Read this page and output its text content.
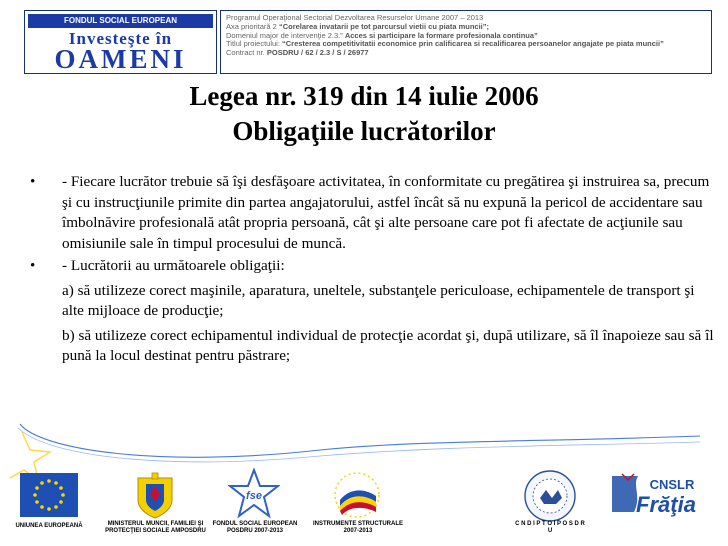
FONDUL SOCIAL EUROPEAN
Investeşte în
OAMENI
Programul Operaţional Sectorial Dezvoltarea Resurselor Umane 2007 – 2013
Axa prioritară 2 “Corelarea invatarii pe tot parcursul vietii cu piata muncii”;
Domeniul major de intervenţie 2.3.” Acces si participare la formare profesionala continua”
Titlul proiectului: “Cresterea competitivitatii economice prin calificarea si recalificarea persoanelor angajate pe piata muncii”
Contract nr. POSDRU / 62 / 2.3 / S / 26977
Legea nr. 319 din 14 iulie 2006
Obligaţiile lucrătorilor
• - Fiecare lucrător trebuie să îşi desfăşoare activitatea, în conformitate cu pregătirea şi instruirea sa, precum şi cu instrucţiunile primite din partea angajatorului, astfel încât să nu expună la pericol de accidentare sau îmbolnăvire profesională atât propria persoană, cât şi alte persoane care pot fi afectate de acţiunile sau omisiunile sale în timpul procesului de muncă.
• - Lucrătorii au următoarele obligaţii:
a) să utilizeze corect maşinile, aparatura, uneltele, substanţele periculoase, echipamentele de transport şi alte mijloace de producţie;
b) să utilizeze corect echipamentul individual de protecţie acordat şi, după utilizare, să îl înapoieze sau să îl pună la locul destinat pentru păstrare;
UNIUNEA EUROPEANĂ	MINISTERUL MUNCII, FAMILIEI ŞI PROTECŢIEI SOCIALE AMPOSDRU
fse
FONDUL SOCIAL EUROPEAN POSDRU 2007-2013
INSTRUMENTE STRUCTURALE 2007-2013
C N D I P T O I P O S D R U
CNSLR
Frăţia
